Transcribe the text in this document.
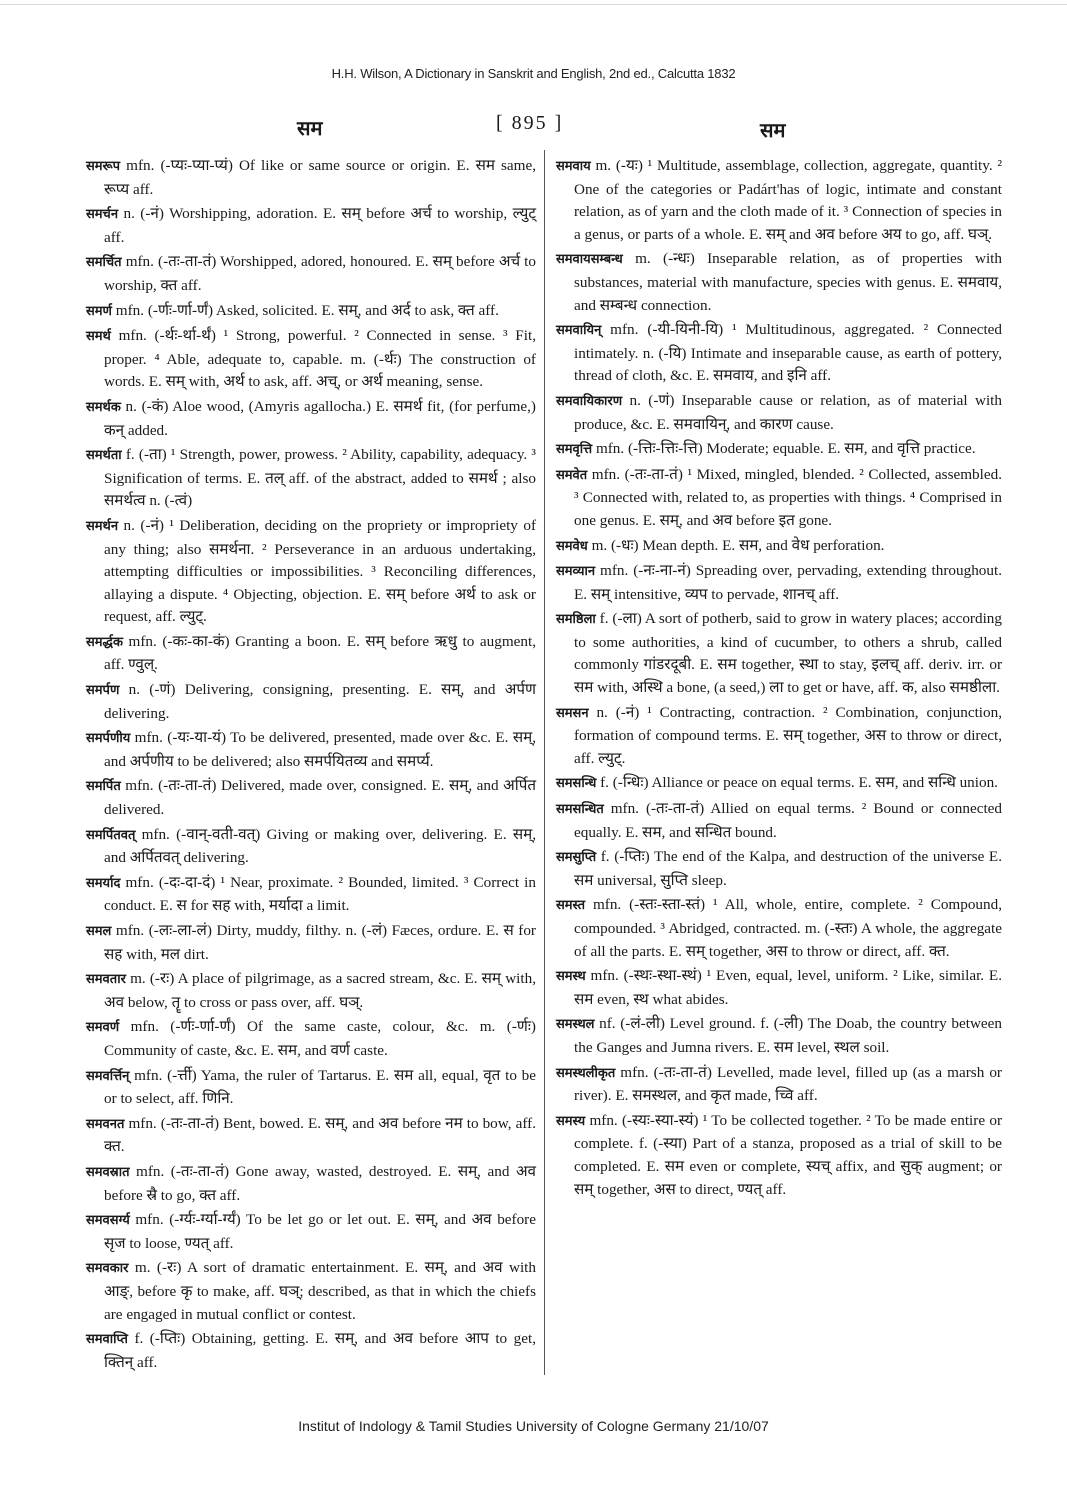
H.H. Wilson, A Dictionary in Sanskrit and English, 2nd ed., Calcutta 1832
सम	[ 895 ]	सम

समरूप mfn. (-प्यः-प्या-प्यं) Of like or same source or origin. E. सम same, रूप्य aff.

समर्चन n. (-नं) Worshipping, adoration. E. सम् before अर्च to worship, ल्युट् aff.

समर्चित mfn. (-तः-ता-तं) Worshipped, adored, honoured. E. सम् before अर्च to worship, क्त aff.

समर्ण mfn. (-र्णः-र्णा-र्णं) Asked, solicited. E. सम्, and अर्द to ask, क्त aff.

समर्थ mfn. (-र्थः-र्था-र्थं) ¹ Strong, powerful. ² Connected in sense. ³ Fit, proper. ⁴ Able, adequate to, capable. m. (-र्थः) The construction of words. E. सम् with, अर्थ to ask, aff. अच्, or अर्थ meaning, sense.

समर्थक n. (-कं) Aloe wood, (Amyris agallocha.) E. समर्थ fit, (for perfume,) कन् added.

समर्थता f. (-ता) ¹ Strength, power, prowess. ² Ability, capability, adequacy. ³ Signification of terms. E. तल् aff. of the abstract, added to समर्थ ; also समर्थत्व n. (-त्वं)

समर्थन n. (-नं) ¹ Deliberation, deciding on the propriety or impropriety of any thing; also समर्थना. ² Perseverance in an arduous undertaking, attempting difficulties or impossibilities. ³ Reconciling differences, allaying a dispute. ⁴ Objecting, objection. E. सम् before अर्थ to ask or request, aff. ल्युट्.

समर्द्धक mfn. (-कः-का-कं) Granting a boon. E. सम् before ऋधु to augment, aff. ण्वुल्.

समर्पण n. (-णं) Delivering, consigning, presenting. E. सम्, and अर्पण delivering.

समर्पणीय mfn. (-यः-या-यं) To be delivered, presented, made over &c. E. सम्, and अर्पणीय to be delivered; also समर्पयितव्य and समर्प्य.

समर्पित mfn. (-तः-ता-तं) Delivered, made over, consigned. E. सम्, and अर्पित delivered.

समर्पितवत् mfn. (-वान्-वती-वत्) Giving or making over, delivering. E. सम्, and अर्पितवत् delivering.

समर्याद mfn. (-दः-दा-दं) ¹ Near, proximate. ² Bounded, limited. ³ Correct in conduct. E. स for सह with, मर्यादा a limit.

समल mfn. (-लः-ला-लं) Dirty, muddy, filthy. n. (-लं) Fæces, ordure. E. स for सह with, मल dirt.

समवतार m. (-रः) A place of pilgrimage, as a sacred stream, &c. E. सम् with, अव below, तॄ to cross or pass over, aff. घञ्.

समवर्ण mfn. (-र्णः-र्णा-र्णं) Of the same caste, colour, &c. m. (-र्णः) Community of caste, &c. E. सम, and वर्ण caste.

समवर्त्तिन् mfn. (-र्त्ती) Yama, the ruler of Tartarus. E. सम all, equal, वृत to be or to select, aff. णिनि.

समवनत mfn. (-तः-ता-तं) Bent, bowed. E. सम्, and अव before नम to bow, aff. क्त.

समवस्रात mfn. (-तः-ता-तं) Gone away, wasted, destroyed. E. सम्, and अव before स्रै to go, क्त aff.

समवसर्ग्य mfn. (-र्ग्यः-र्ग्या-र्ग्यं) To be let go or let out. E. सम्, and अव before सृज to loose, ण्यत् aff.

समवकार m. (-रः) A sort of dramatic entertainment. E. सम्, and अव with आङ्, before कृ to make, aff. घञ्; described, as that in which the chiefs are engaged in mutual conflict or contest.

समवाप्ति f. (-प्तिः) Obtaining, getting. E. सम्, and अव before आप to get, क्तिन् aff.

समवाय m. (-यः) ¹ Multitude, assemblage, collection, aggregate, quantity. ² One of the categories or Padárt'has of logic, intimate and constant relation, as of yarn and the cloth made of it. ³ Connection of species in a genus, or parts of a whole. E. सम् and अव before अय to go, aff. घञ्.

समवायसम्बन्ध m. (-न्धः) Inseparable relation, as of properties with substances, material with manufacture, species with genus. E. समवाय, and सम्बन्ध connection.

समवायिन् mfn. (-यी-यिनी-यि) ¹ Multitudinous, aggregated. ² Connected intimately. n. (-यि) Intimate and inseparable cause, as earth of pottery, thread of cloth, &c. E. समवाय, and इनि aff.

समवायिकारण n. (-णं) Inseparable cause or relation, as of material with produce, &c. E. समवायिन्, and कारण cause.

समवृत्ति mfn. (-त्तिः-त्तिः-त्ति) Moderate; equable. E. सम, and वृत्ति practice.

समवेत mfn. (-तः-ता-तं) ¹ Mixed, mingled, blended. ² Collected, assembled. ³ Connected with, related to, as properties with things. ⁴ Comprised in one genus. E. सम्, and अव before इत gone.

समवेध m. (-धः) Mean depth. E. सम, and वेध perforation.

समव्यान mfn. (-नः-ना-नं) Spreading over, pervading, extending throughout. E. सम् intensitive, व्यप to pervade, शानच् aff.

समष्ठिला f. (-ला) A sort of potherb, said to grow in watery places; according to some authorities, a kind of cucumber, to others a shrub, called commonly गांडरदूबी. E. सम together, स्था to stay, इलच् aff. deriv. irr. or सम with, अस्थि a bone, (a seed,) ला to get or have, aff. क, also समष्ठीला.

समसन n. (-नं) ¹ Contracting, contraction. ² Combination, conjunction, formation of compound terms. E. सम् together, अस to throw or direct, aff. ल्युट्.

समसन्धि f. (-न्धिः) Alliance or peace on equal terms. E. सम, and सन्धि union.

समसन्धित mfn. (-तः-ता-तं) Allied on equal terms. ² Bound or connected equally. E. सम, and सन्धित bound.

समसुप्ति f. (-प्तिः) The end of the Kalpa, and destruction of the universe E. सम universal, सुप्ति sleep.

समस्त mfn. (-स्तः-स्ता-स्तं) ¹ All, whole, entire, complete. ² Compound, compounded. ³ Abridged, contracted. m. (-स्तः) A whole, the aggregate of all the parts. E. सम् together, अस to throw or direct, aff. क्त.

समस्थ mfn. (-स्थः-स्था-स्थं) ¹ Even, equal, level, uniform. ² Like, similar. E. सम even, स्थ what abides.

समस्थल nf. (-लं-ली) Level ground. f. (-ली) The Doab, the country between the Ganges and Jumna rivers. E. सम level, स्थल soil.

समस्थलीकृत mfn. (-तः-ता-तं) Levelled, made level, filled up (as a marsh or river). E. समस्थल, and कृत made, च्वि aff.

समस्य mfn. (-स्यः-स्या-स्यं) ¹ To be collected together. ² To be made entire or complete. f. (-स्या) Part of a stanza, proposed as a trial of skill to be completed. E. सम even or complete, स्यच् affix, and सुक् augment; or सम् together, अस to direct, ण्यत् aff.

Institut of Indology & Tamil Studies University of Cologne Germany 21/10/07
